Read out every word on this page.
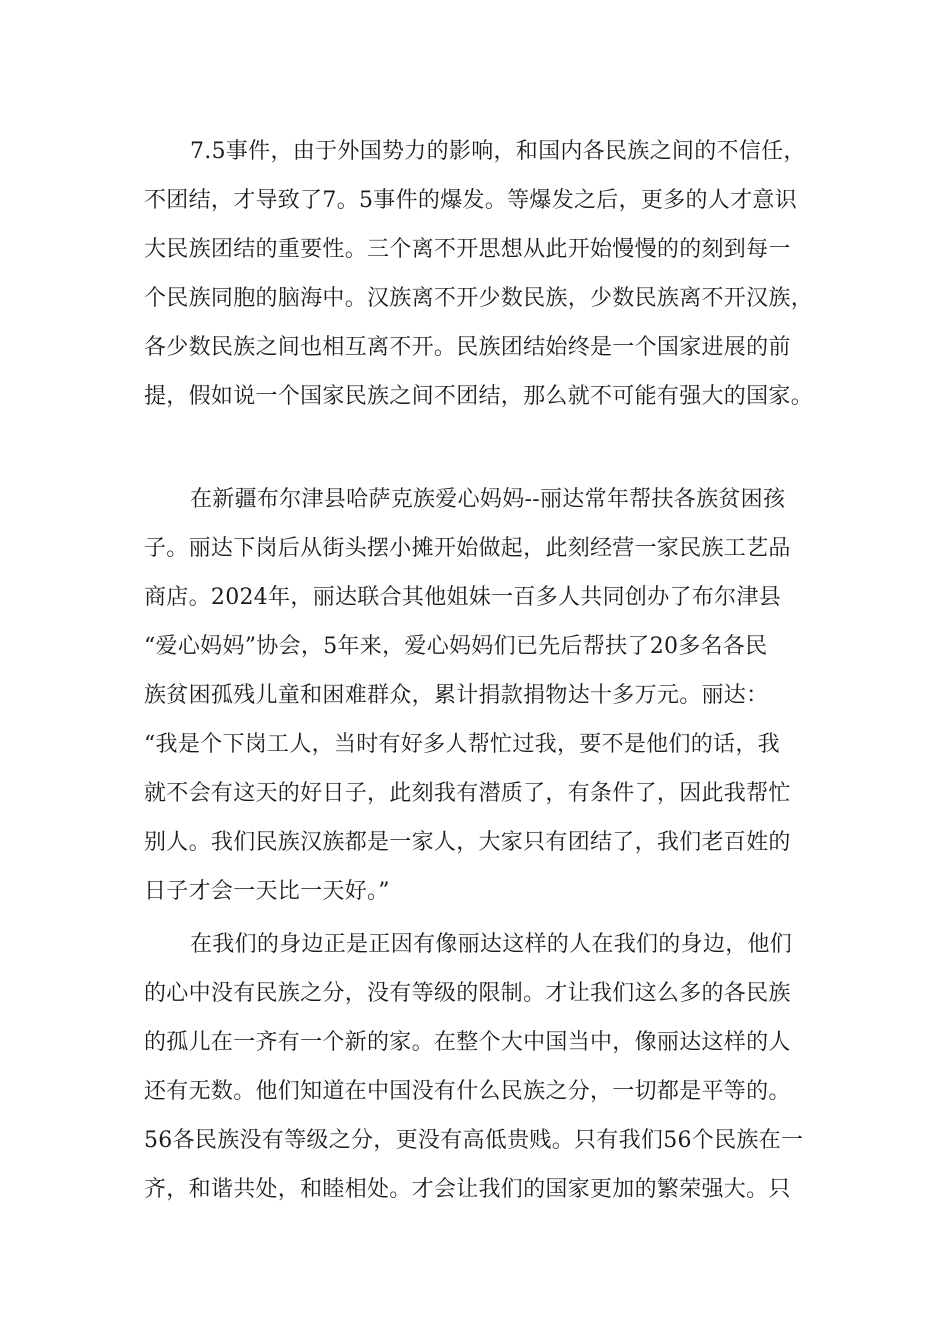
7.5事件，由于外国势力的影响，和国内各民族之间的不信任，
不团结，才导致了7。5事件的爆发。等爆发之后，更多的人才意识
大民族团结的重要性。三个离不开思想从此开始慢慢的的刻到每一
个民族同胞的脑海中。汉族离不开少数民族，少数民族离不开汉族，
各少数民族之间也相互离不开。民族团结始终是一个国家进展的前
提，假如说一个国家民族之间不团结，那么就不可能有强大的国家。
在新疆布尔津县哈萨克族爱心妈妈--丽达常年帮扶各族贫困孩
子。丽达下岗后从街头摆小摊开始做起，此刻经营一家民族工艺品
商店。2024年，丽达联合其他姐妹一百多人共同创办了布尔津县
“爱心妈妈”协会，5年来，爱心妈妈们已先后帮扶了20多名各民
族贫困孤残儿童和困难群众，累计捐款捐物达十多万元。丽达：
“我是个下岗工人，当时有好多人帮忙过我，要不是他们的话，我
就不会有这天的好日子，此刻我有潜质了，有条件了，因此我帮忙
别人。我们民族汉族都是一家人，大家只有团结了，我们老百姓的
日子才会一天比一天好。”
在我们的身边正是正因有像丽达这样的人在我们的身边，他们
的心中没有民族之分，没有等级的限制。才让我们这么多的各民族
的孤儿在一齐有一个新的家。在整个大中国当中，像丽达这样的人
还有无数。他们知道在中国没有什么民族之分，一切都是平等的。
56各民族没有等级之分，更没有高低贵贱。只有我们56个民族在一
齐，和谐共处，和睦相处。才会让我们的国家更加的繁荣强大。只
